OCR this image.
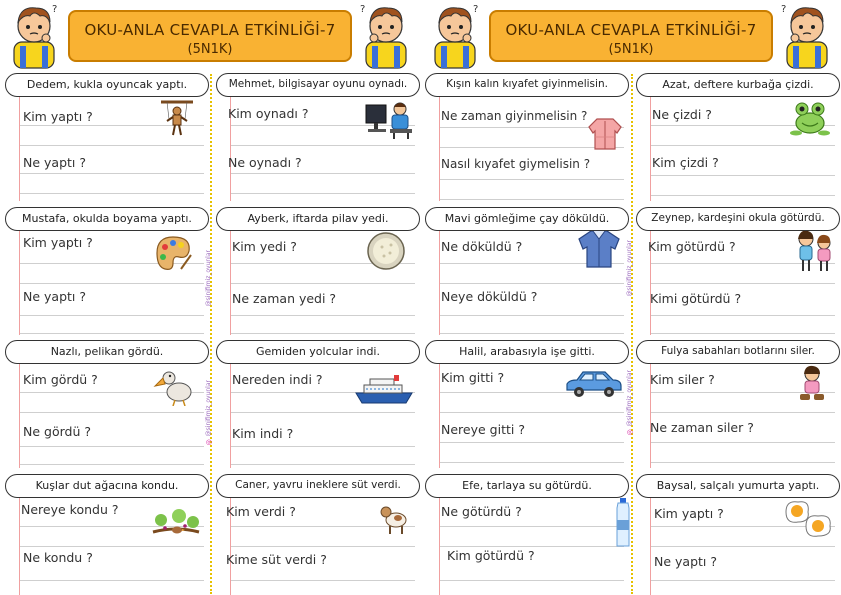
?
OKU-ANLA CEVAPLA ETKİNLİĞİ-7
(5N1K)
?
@sinifimiz_oyunlar
◎ @sinifimiz_oyunlar
Dedem, kukla oyuncak yaptı.
Kim yaptı ?
Ne yaptı ?
Mehmet, bilgisayar oyunu oynadı.
Kim oynadı ?
Ne oynadı ?
Mustafa, okulda boyama yaptı.
Kim yaptı ?
Ne yaptı ?
Ayberk, iftarda pilav yedi.
Kim yedi ?
Ne zaman yedi ?
Nazlı, pelikan gördü.
Kim gördü ?
Ne gördü ?
Gemiden yolcular indi.
Nereden indi ?
Kim indi ?
Kuşlar dut ağacına kondu.
Nereye kondu ?
Ne kondu ?
Caner, yavru ineklere süt verdi.
Kim verdi ?
Kime süt verdi ?
?
OKU-ANLA CEVAPLA ETKİNLİĞİ-7
(5N1K)
?
@sinifimiz_oyunlar
◎ @sinifimiz_oyunlar
Kışın kalın kıyafet giyinmelisin.
Ne zaman giyinmelisin ?
Nasıl kıyafet giymelisin ?
Azat, deftere kurbağa çizdi.
Ne çizdi ?
Kim çizdi ?
Mavi gömleğime çay döküldü.
Ne döküldü ?
Neye döküldü ?
Zeynep, kardeşini okula götürdü.
Kim götürdü ?
Kimi götürdü ?
Halil, arabasıyla işe gitti.
Kim gitti ?
Nereye gitti ?
Fulya sabahları botlarını siler.
Kim siler ?
Ne zaman siler ?
Efe, tarlaya su götürdü.
Ne götürdü ?
Kim götürdü ?
Baysal, salçalı yumurta yaptı.
Kim yaptı ?
Ne yaptı ?
